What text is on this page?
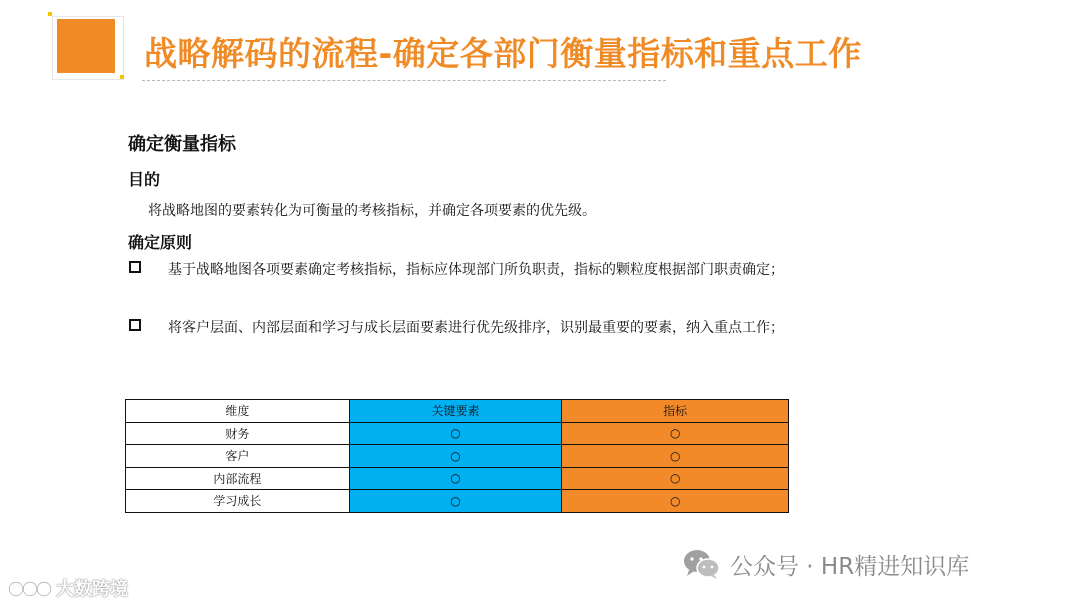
战略解码的流程-确定各部门衡量指标和重点工作
确定衡量指标
目的
将战略地图的要素转化为可衡量的考核指标，并确定各项要素的优先级。
确定原则
基于战略地图各项要素确定考核指标，指标应体现部门所负职责，指标的颗粒度根据部门职责确定；
将客户层面、内部层面和学习与成长层面要素进行优先级排序，识别最重要的要素，纳入重点工作；
维度	关键要素	指标
财务	○	○
客户	○	○
内部流程	○	○
学习成长	○	○
公众号 · HR精进知识库
大数跨境
